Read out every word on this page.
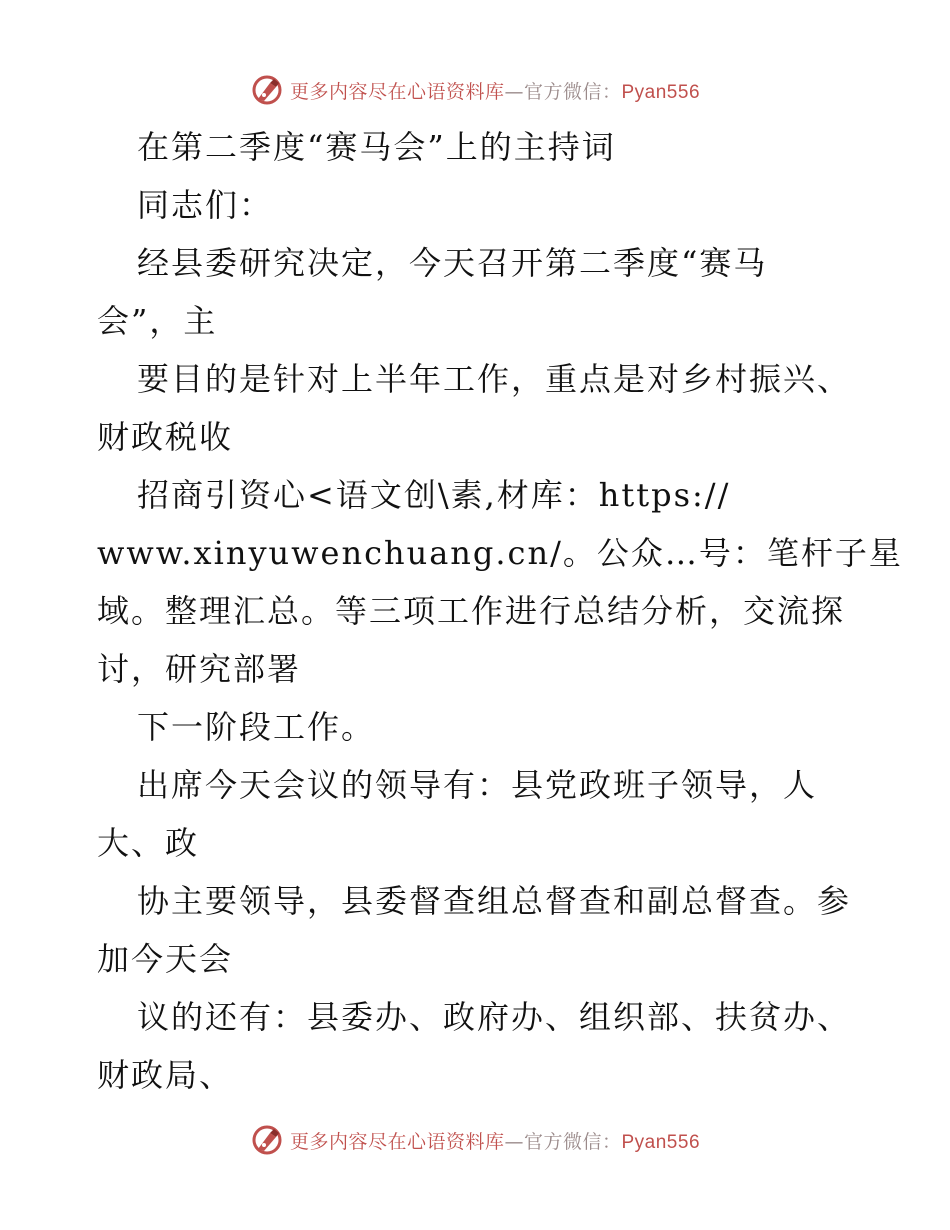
更多内容尽在心语资料库—官方微信：Pyan556
在第二季度“赛马会”上的主持词
同志们：
经县委研究决定，今天召开第二季度“赛马
会”，主
要目的是针对上半年工作，重点是对乡村振兴、
财政税收
招商引资心<语文创\素,材库：https://
www.xinyuwenchuang.cn/。公众…号：笔杆子星
域。整理汇总。等三项工作进行总结分析，交流探
讨，研究部署
下一阶段工作。
出席今天会议的领导有：县党政班子领导，人
大、政
协主要领导，县委督查组总督查和副总督查。参
加今天会
议的还有：县委办、政府办、组织部、扶贫办、
财政局、
更多内容尽在心语资料库—官方微信：Pyan556
